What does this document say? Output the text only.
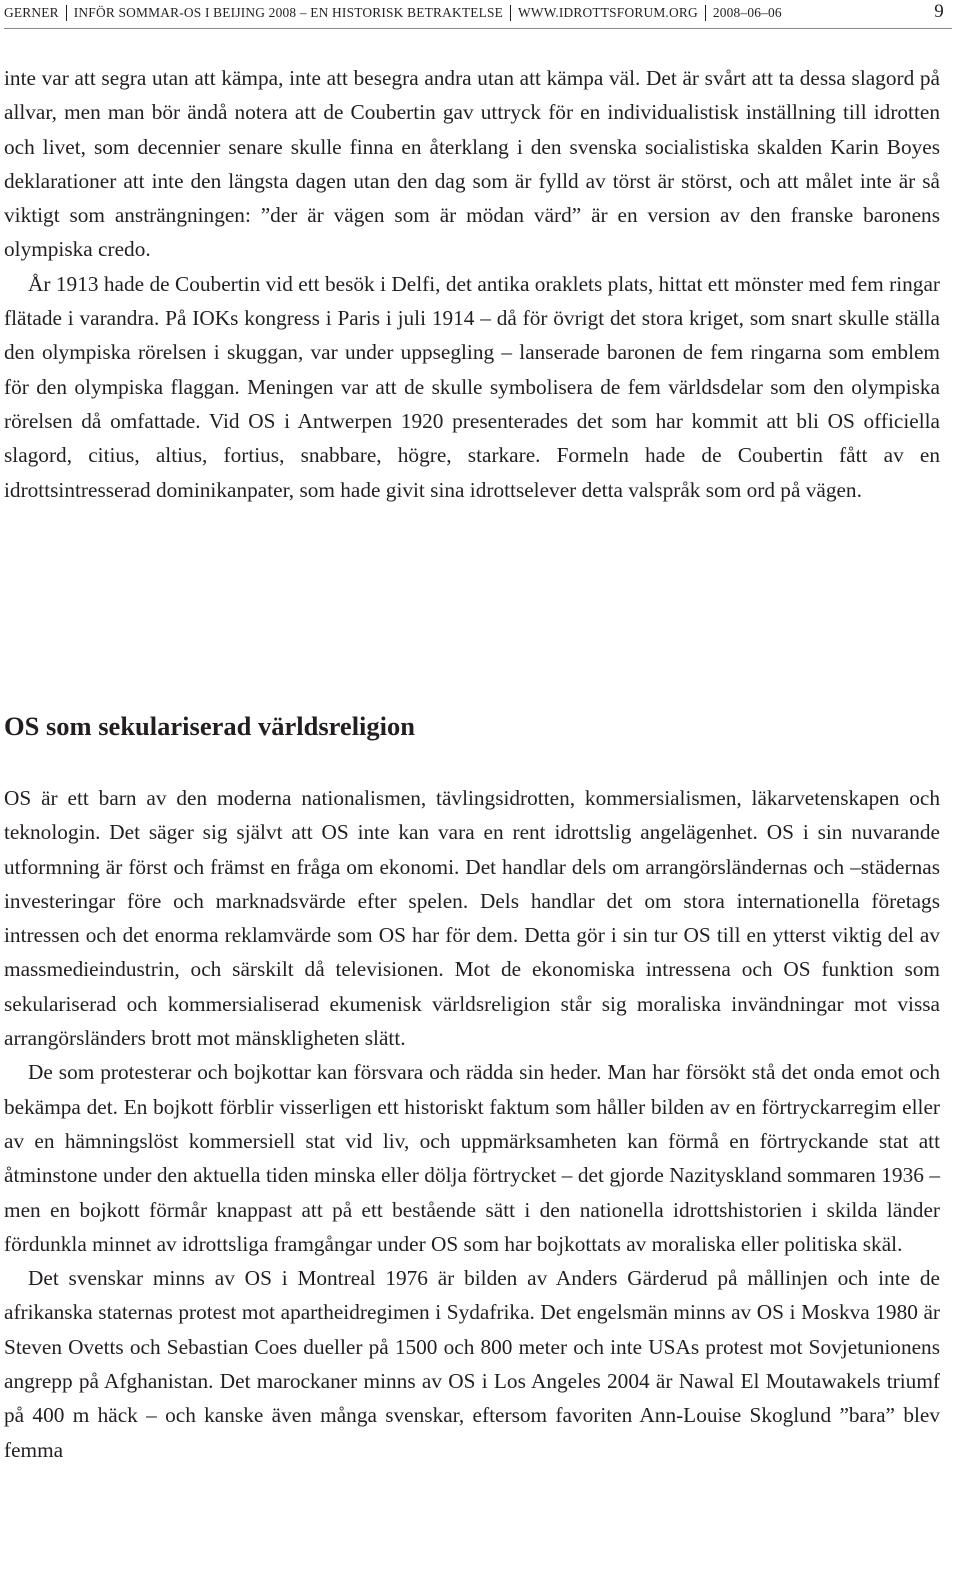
GERNER INFÖR SOMMAR-OS I BEIJING 2008 – EN HISTORISK BETRAKTELSE WWW.IDROTTSFORUM.ORG 2008–06–06	9

inte var att segra utan att kämpa, inte att besegra andra utan att kämpa väl. Det är svårt att ta dessa slagord på allvar, men man bör ändå notera att de Coubertin gav uttryck för en individualistisk inställning till idrotten och livet, som decennier senare skulle finna en återklang i den svenska socialistiska skalden Karin Boyes deklarationer att inte den längsta dagen utan den dag som är fylld av törst är störst, och att målet inte är så viktigt som ansträngningen: ”der är vägen som är mödan värd” är en version av den franske baronens olympiska credo.

År 1913 hade de Coubertin vid ett besök i Delfi, det antika oraklets plats, hittat ett mönster med fem ringar flätade i varandra. På IOKs kongress i Paris i juli 1914 – då för övrigt det stora kriget, som snart skulle ställa den olympiska rörelsen i skuggan, var under uppsegling – lanserade baronen de fem ringarna som emblem för den olympiska flaggan. Meningen var att de skulle symbolisera de fem världsdelar som den olympiska rörelsen då omfattade. Vid OS i Antwerpen 1920 presenterades det som har kommit att bli OS officiella slagord, citius, altius, fortius, snabbare, högre, starkare. Formeln hade de Coubertin fått av en idrottsintresserad dominikanpater, som hade givit sina idrottselever detta valspråk som ord på vägen.

OS som sekulariserad världsreligion

OS är ett barn av den moderna nationalismen, tävlingsidrotten, kommersialismen, läkarvetenskapen och teknologin. Det säger sig självt att OS inte kan vara en rent idrottslig angelägenhet. OS i sin nuvarande utformning är först och främst en fråga om ekonomi. Det handlar dels om arrangörsländernas och –städernas investeringar före och marknadsvärde efter spelen. Dels handlar det om stora internationella företags intressen och det enorma reklamvärde som OS har för dem. Detta gör i sin tur OS till en ytterst viktig del av massmedieindustrin, och särskilt då televisionen. Mot de ekonomiska intressena och OS funktion som sekulariserad och kommersialiserad ekumenisk världsreligion står sig moraliska invändningar mot vissa arrangörsländers brott mot mänskligheten slätt.

De som protesterar och bojkottar kan försvara och rädda sin heder. Man har försökt stå det onda emot och bekämpa det. En bojkott förblir visserligen ett historiskt faktum som håller bilden av en förtryckarregim eller av en hämningslöst kommersiell stat vid liv, och uppmärksamheten kan förmå en förtryckande stat att åtminstone under den aktuella tiden minska eller dölja förtrycket – det gjorde Nazityskland sommaren 1936 – men en bojkott förmår knappast att på ett bestående sätt i den nationella idrottshistorien i skilda länder fördunkla minnet av idrottsliga framgångar under OS som har bojkottats av moraliska eller politiska skäl.

Det svenskar minns av OS i Montreal 1976 är bilden av Anders Gärderud på mållinjen och inte de afrikanska staternas protest mot apartheidregimen i Sydafrika. Det engelsmän minns av OS i Moskva 1980 är Steven Ovetts och Sebastian Coes dueller på 1500 och 800 meter och inte USAs protest mot Sovjetunionens angrepp på Afghanistan. Det marockaner minns av OS i Los Angeles 2004 är Nawal El Moutawakels triumf på 400 m häck – och kanske även många svenskar, eftersom favoriten Ann-Louise Skoglund ”bara” blev femma
